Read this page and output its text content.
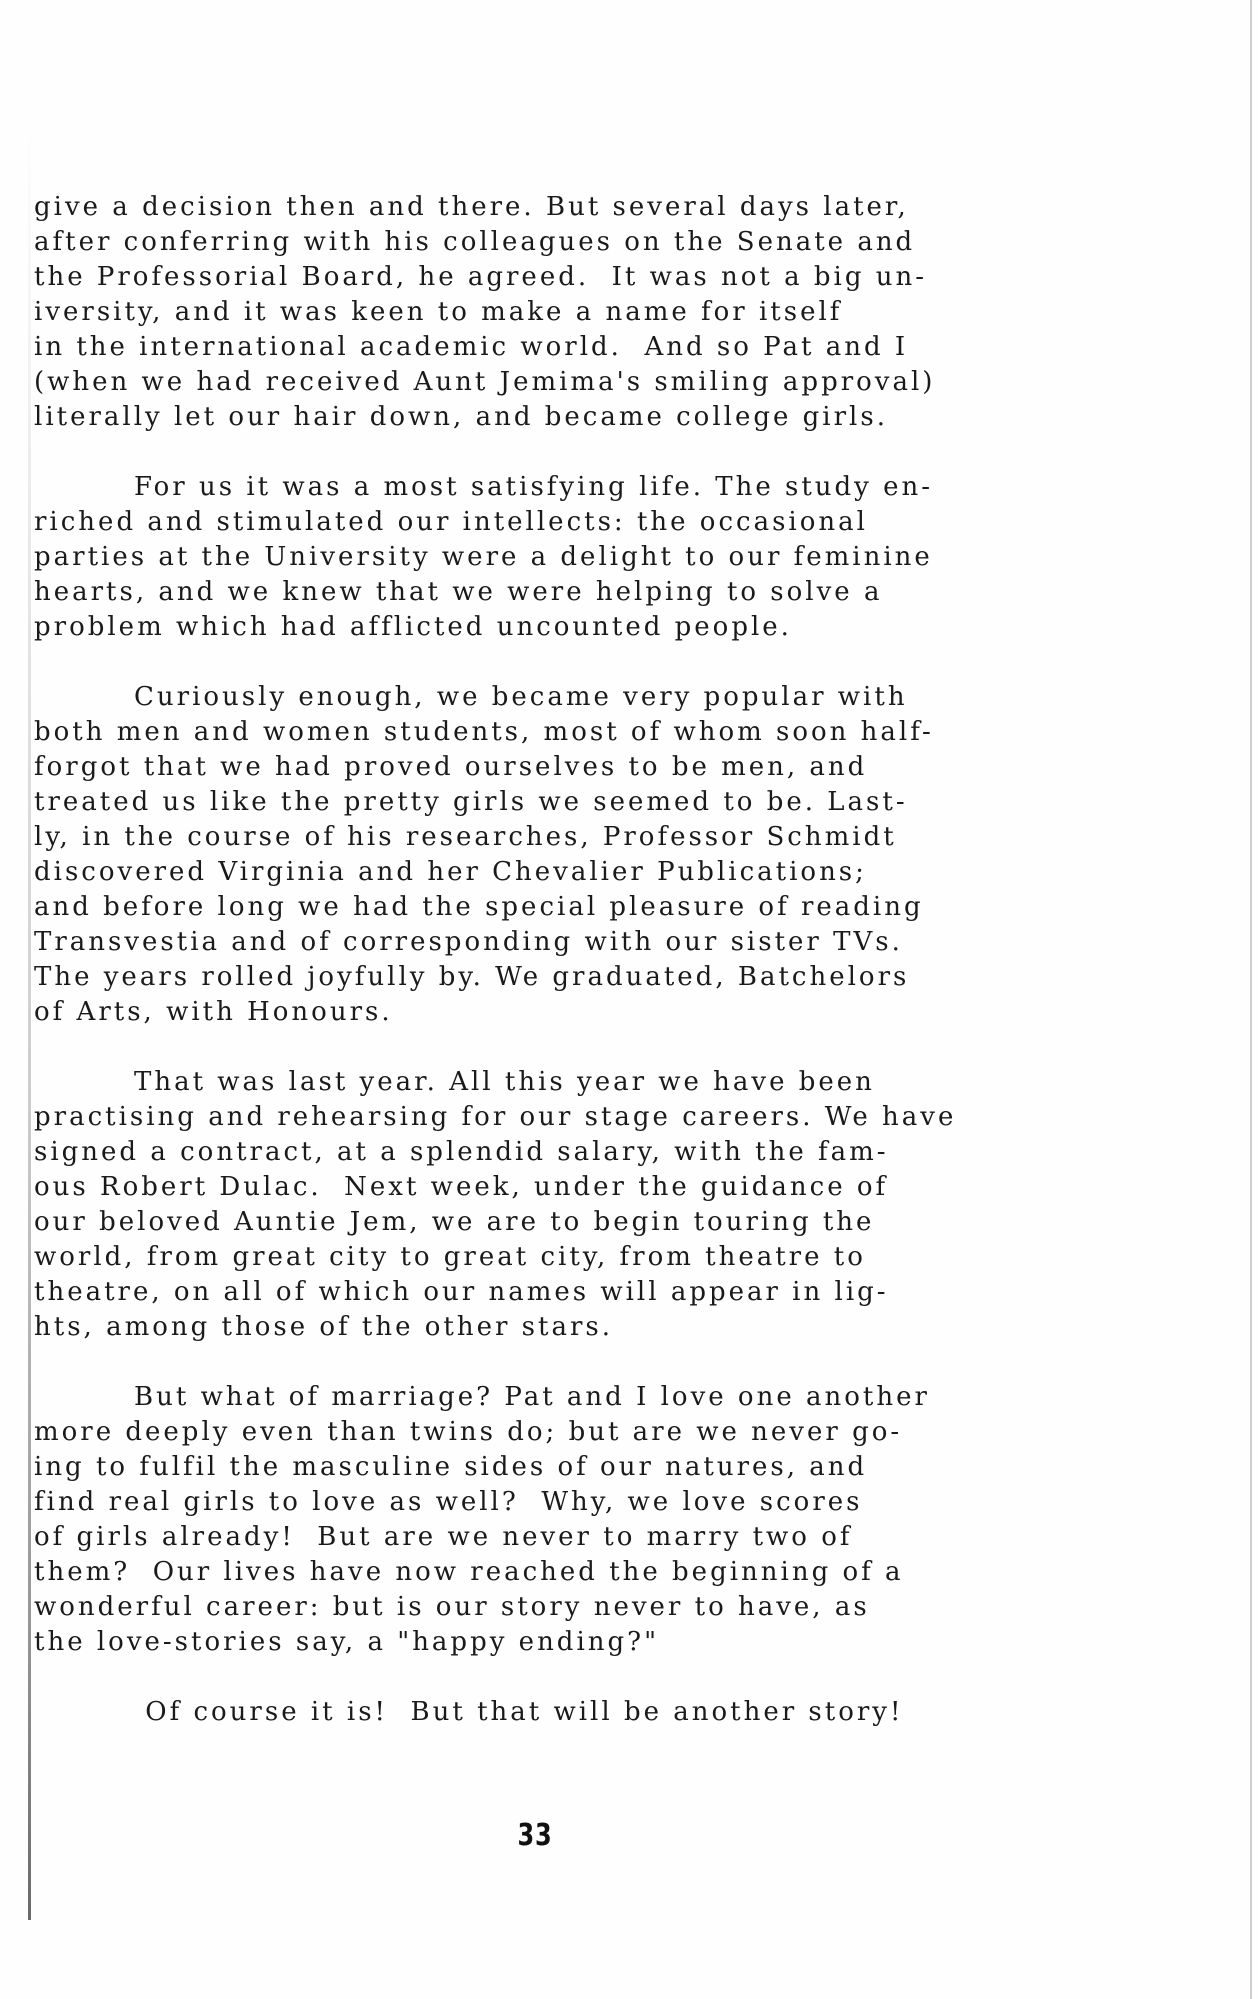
give a decision then and there. But several days later,
after conferring with his colleagues on the Senate and
the Professorial Board, he agreed.  It was not a big un-
iversity, and it was keen to make a name for itself
in the international academic world.  And so Pat and I
(when we had received Aunt Jemima's smiling approval)
literally let our hair down, and became college girls.
For us it was a most satisfying life. The study en-
riched and stimulated our intellects: the occasional
parties at the University were a delight to our feminine
hearts, and we knew that we were helping to solve a
problem which had afflicted uncounted people.
Curiously enough, we became very popular with
both men and women students, most of whom soon half-
forgot that we had proved ourselves to be men, and
treated us like the pretty girls we seemed to be. Last-
ly, in the course of his researches, Professor Schmidt
discovered Virginia and her Chevalier Publications;
and before long we had the special pleasure of reading
Transvestia and of corresponding with our sister TVs.
The years rolled joyfully by. We graduated, Batchelors
of Arts, with Honours.
That was last year. All this year we have been
practising and rehearsing for our stage careers. We have
signed a contract, at a splendid salary, with the fam-
ous Robert Dulac.  Next week, under the guidance of
our beloved Auntie Jem, we are to begin touring the
world, from great city to great city, from theatre to
theatre, on all of which our names will appear in lig-
hts, among those of the other stars.
But what of marriage? Pat and I love one another
more deeply even than twins do; but are we never go-
ing to fulfil the masculine sides of our natures, and
find real girls to love as well?  Why, we love scores
of girls already!  But are we never to marry two of
them?  Our lives have now reached the beginning of a
wonderful career: but is our story never to have, as
the love-stories say, a "happy ending?"
Of course it is!  But that will be another story!
33
